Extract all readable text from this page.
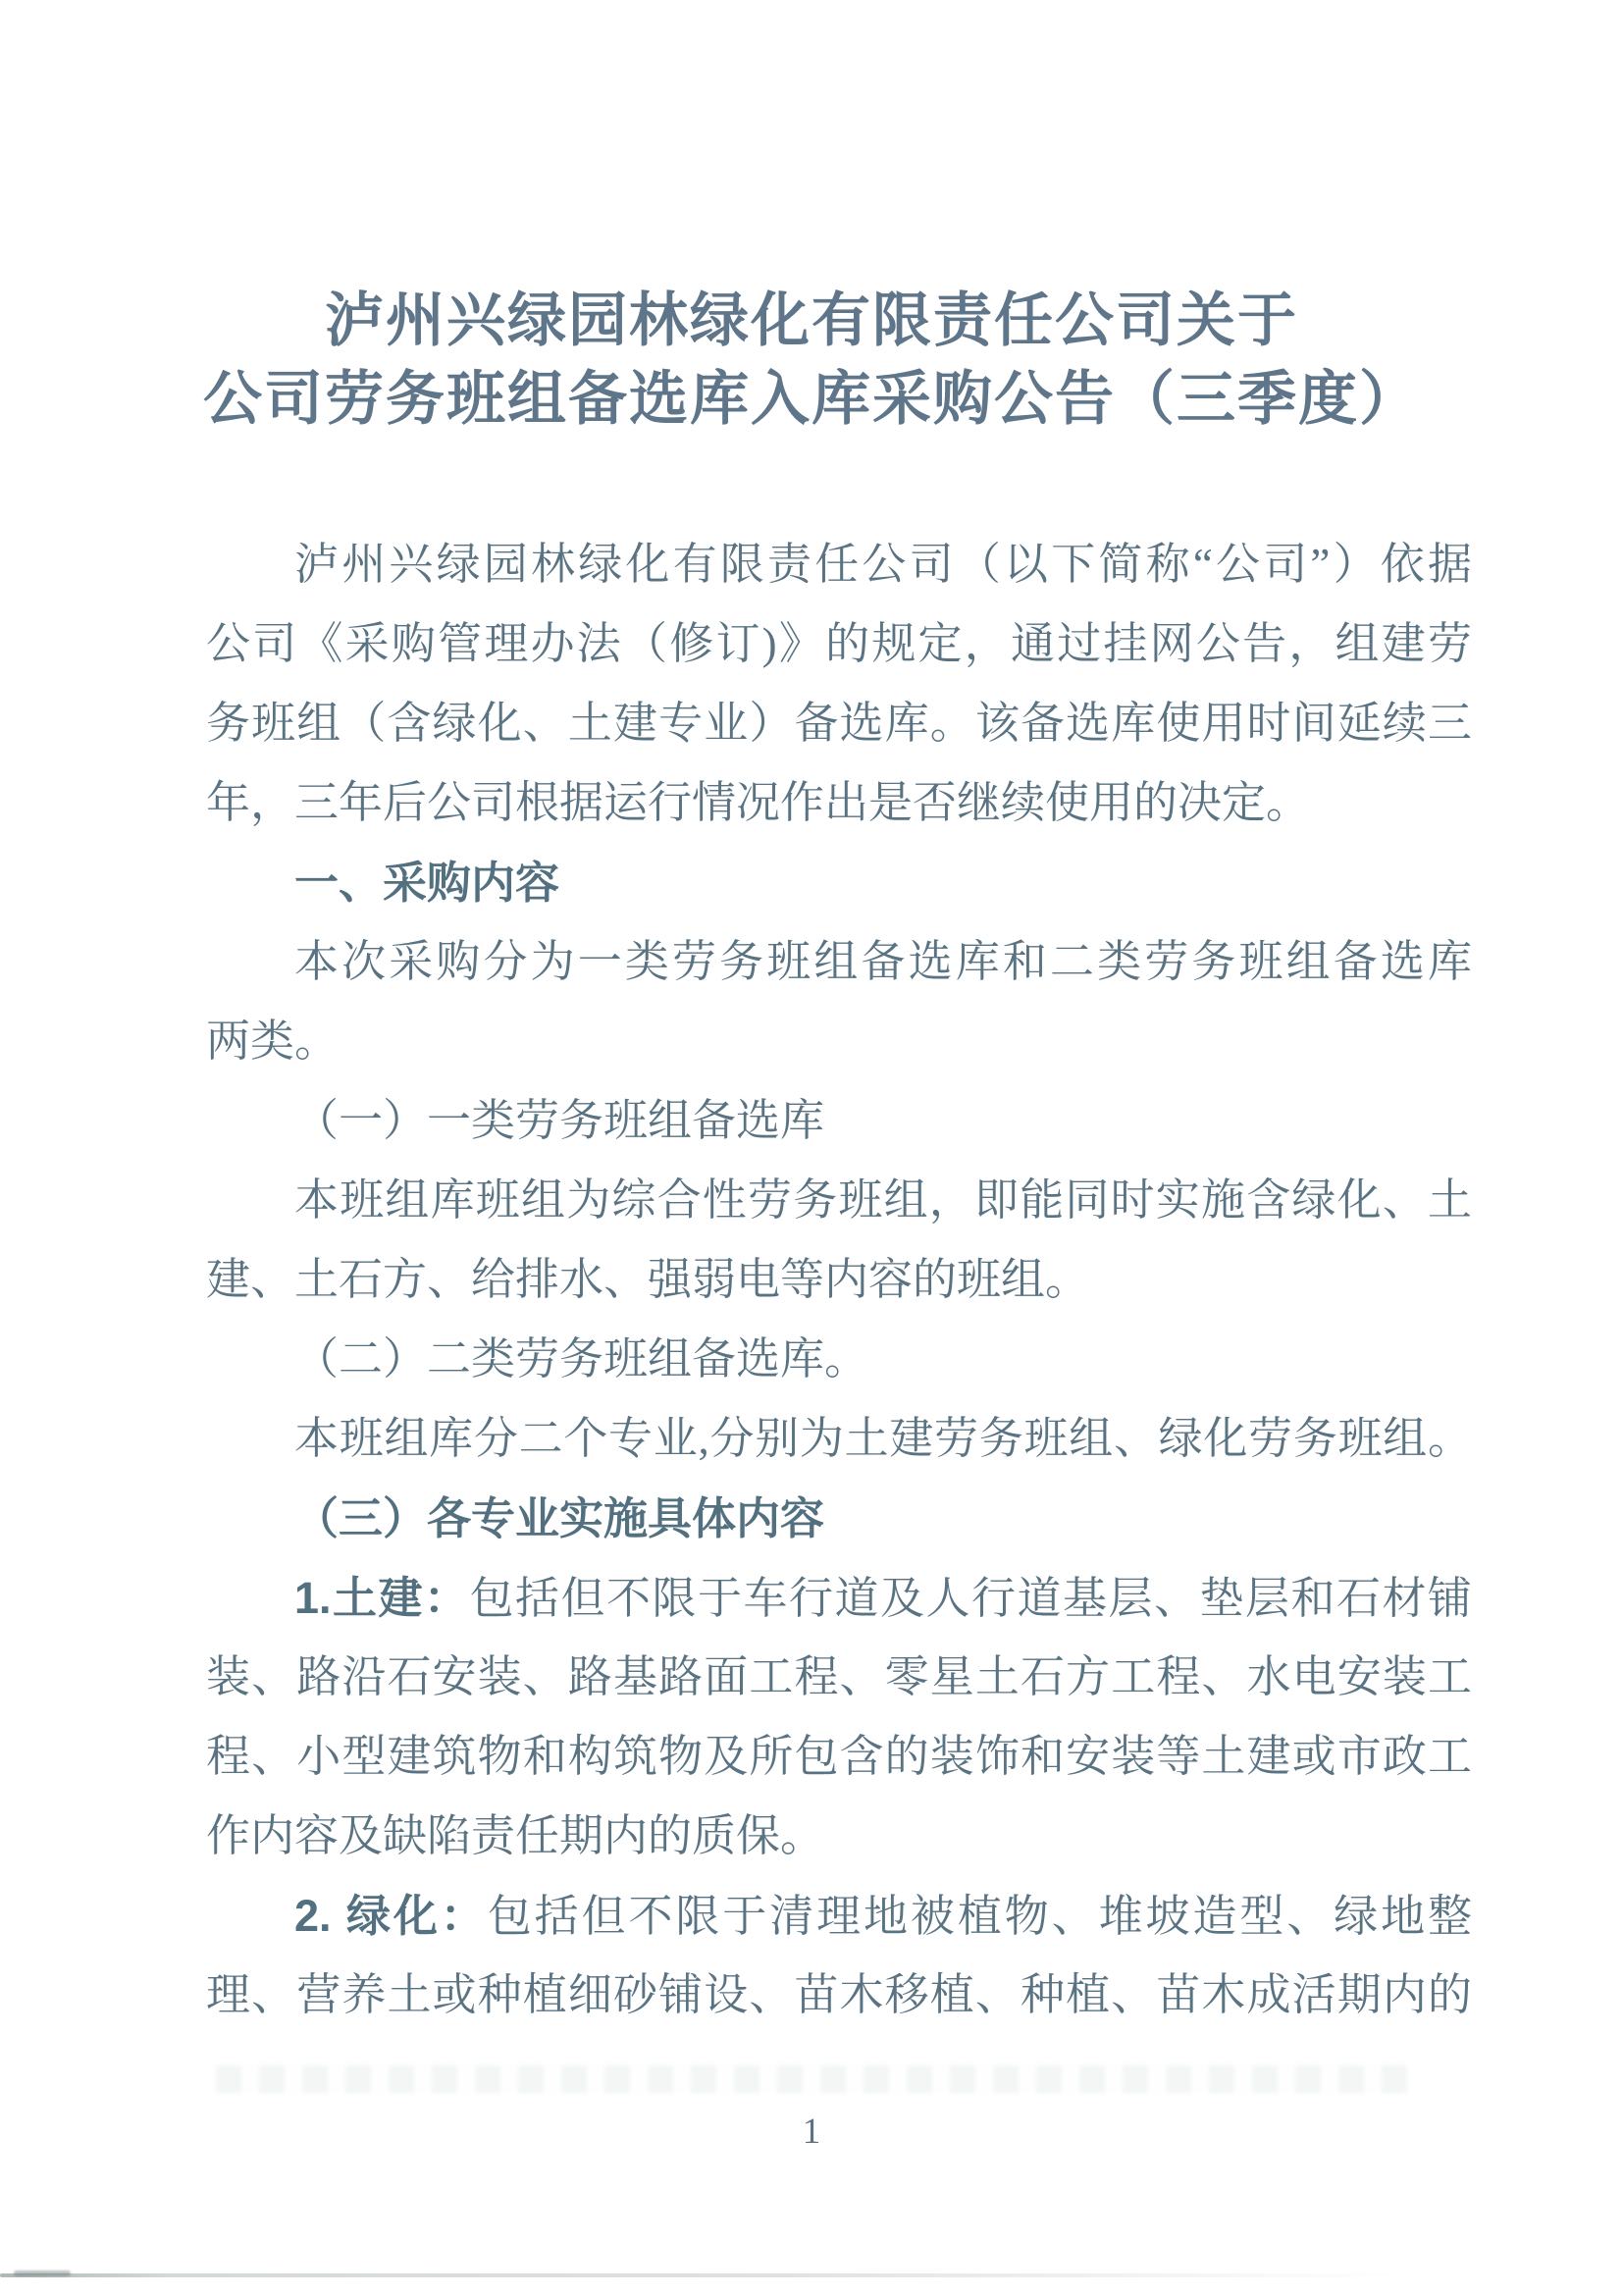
泸州兴绿园林绿化有限责任公司关于
公司劳务班组备选库入库采购公告（三季度）
泸州兴绿园林绿化有限责任公司（以下简称“公司”）依据
公司《采购管理办法（修订)》的规定，通过挂网公告，组建劳
务班组（含绿化、土建专业）备选库。该备选库使用时间延续三
年，三年后公司根据运行情况作出是否继续使用的决定。
一、采购内容
本次采购分为一类劳务班组备选库和二类劳务班组备选库
两类。
（一）一类劳务班组备选库
本班组库班组为综合性劳务班组，即能同时实施含绿化、土
建、土石方、给排水、强弱电等内容的班组。
（二）二类劳务班组备选库。
本班组库分二个专业,分别为土建劳务班组、绿化劳务班组。
（三）各专业实施具体内容
1.土建：包括但不限于车行道及人行道基层、垫层和石材铺
装、路沿石安装、路基路面工程、零星土石方工程、水电安装工
程、小型建筑物和构筑物及所包含的装饰和安装等土建或市政工
作内容及缺陷责任期内的质保。
2. 绿化：包括但不限于清理地被植物、堆坡造型、绿地整
理、营养土或种植细砂铺设、苗木移植、种植、苗木成活期内的
1
